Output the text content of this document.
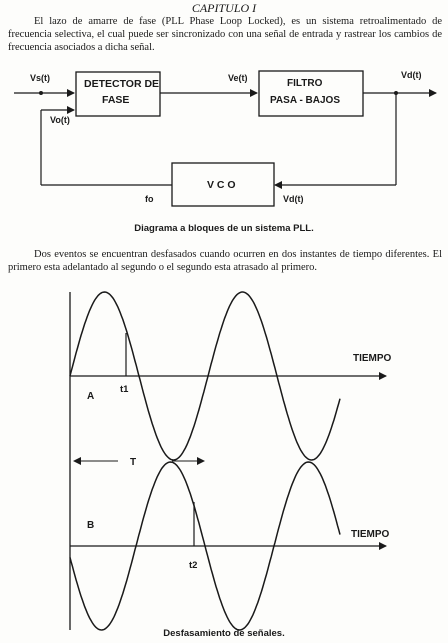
CAPITULO I
El lazo de amarre de fase (PLL Phase Loop Locked), es un sistema retroalimentado de frecuencia selectiva, el cual puede ser sincronizado con una señal de entrada y rastrear los cambios de frecuencia asociados a dicha señal.
DETECTOR DE
FASE
FILTRO
PASA - BAJOS
V C O
Vs(t)
Vo(t)
Ve(t)	Vd(t)
Vd(t)
fo
A
t1
T
B
t2
TIEMPO
TIEMPO
Diagrama a bloques de un sistema PLL.
Dos eventos se encuentran desfasados cuando ocurren en dos instantes de tiempo diferentes. El primero esta adelantado al segundo o el segundo esta atrasado al primero.
Desfasamiento de señales.
